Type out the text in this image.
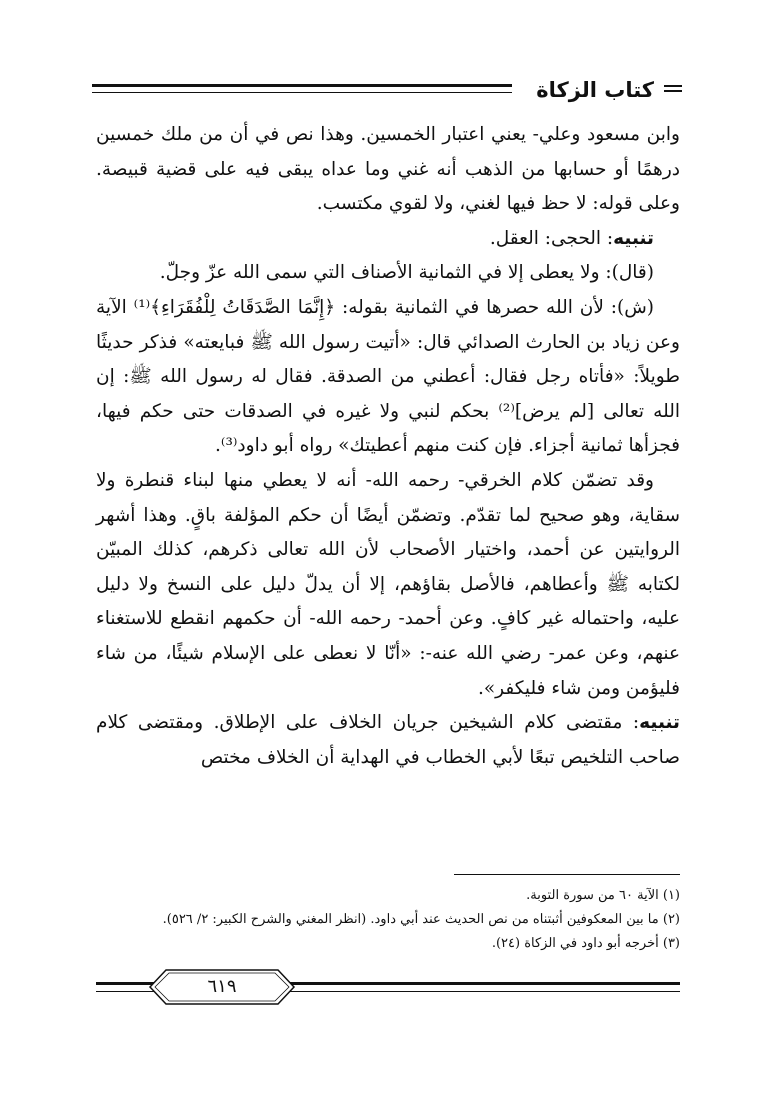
كتاب الزكاة

وابن مسعود وعلي- يعني اعتبار الخمسين. وهذا نص في أن من ملك خمسين درهمًا أو حسابها من الذهب أنه غني وما عداه يبقى فيه على قضية قبيصة. وعلى قوله: لا حظ فيها لغني، ولا لقوي مكتسب.

تنبيه: الحجى: العقل.

(قال): ولا يعطى إلا في الثمانية الأصناف التي سمى الله عزّ وجلّ.

(ش): لأن الله حصرها في الثمانية بقوله: ﴿إِنَّمَا الصَّدَقَاتُ لِلْفُقَرَاءِ﴾⁽¹⁾ الآية وعن زياد بن الحارث الصدائي قال: «أتيت رسول الله ﷺ فبايعته» فذكر حديثًا طويلاً: «فأتاه رجل فقال: أعطني من الصدقة. فقال له رسول الله ﷺ: إن الله تعالى [لم يرض]⁽²⁾ بحكم لنبي ولا غيره في الصدقات حتى حكم فيها، فجزأها ثمانية أجزاء. فإن كنت منهم أعطيتك» رواه أبو داود⁽³⁾.

وقد تضمّن كلام الخرقي- رحمه الله- أنه لا يعطي منها لبناء قنطرة ولا سقاية، وهو صحيح لما تقدّم. وتضمّن أيضًا أن حكم المؤلفة باقٍ. وهذا أشهر الروايتين عن أحمد، واختيار الأصحاب لأن الله تعالى ذكرهم، كذلك المبيّن لكتابه ﷺ وأعطاهم، فالأصل بقاؤهم، إلا أن يدلّ دليل على النسخ ولا دليل عليه، واحتماله غير كافٍ. وعن أحمد- رحمه الله- أن حكمهم انقطع للاستغناء عنهم، وعن عمر- رضي الله عنه-: «أنّا لا نعطى على الإسلام شيئًا، من شاء فليؤمن ومن شاء فليكفر».

تنبيه: مقتضى كلام الشيخين جريان الخلاف على الإطلاق. ومقتضى كلام صاحب التلخيص تبعًا لأبي الخطاب في الهداية أن الخلاف مختص

(١) الآية ٦٠ من سورة التوبة.

(٢) ما بين المعكوفين أثبتناه من نص الحديث عند أبي داود. (انظر المغني والشرح الكبير: ٢/ ٥٢٦).

(٣) أخرجه أبو داود في الزكاة (٢٤).

٦١٩
